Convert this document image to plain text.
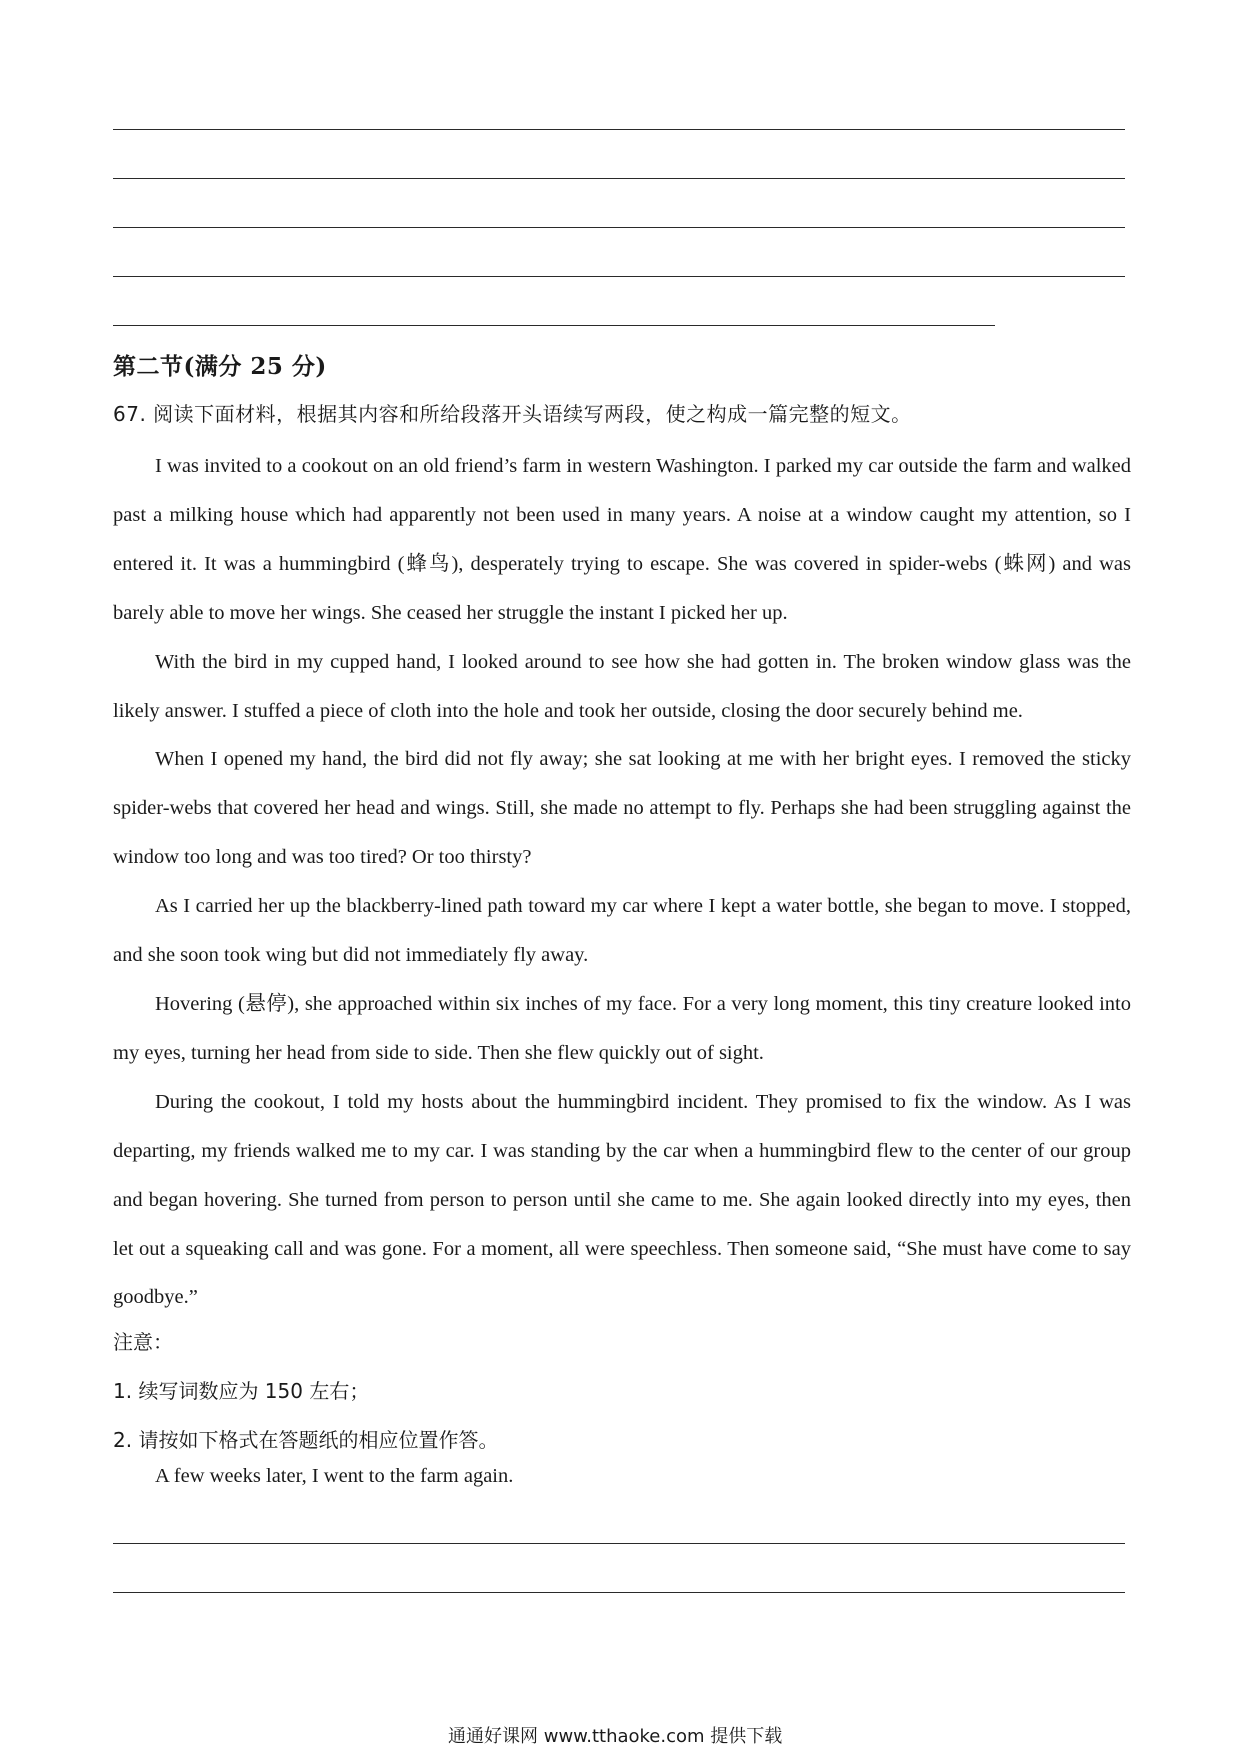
第二节(满分 25 分)
67. 阅读下面材料，根据其内容和所给段落开头语续写两段，使之构成一篇完整的短文。

I was invited to a cookout on an old friend’s farm in western Washington. I parked my car outside the farm and walked past a milking house which had apparently not been used in many years. A noise at a window caught my attention, so I entered it. It was a hummingbird (蜂鸟), desperately trying to escape. She was covered in spider-webs (蛛网) and was barely able to move her wings. She ceased her struggle the instant I picked her up.

With the bird in my cupped hand, I looked around to see how she had gotten in. The broken window glass was the likely answer. I stuffed a piece of cloth into the hole and took her outside, closing the door securely behind me.

When I opened my hand, the bird did not fly away; she sat looking at me with her bright eyes. I removed the sticky spider-webs that covered her head and wings. Still, she made no attempt to fly. Perhaps she had been struggling against the window too long and was too tired? Or too thirsty?

As I carried her up the blackberry-lined path toward my car where I kept a water bottle, she began to move. I stopped, and she soon took wing but did not immediately fly away.

Hovering (悬停), she approached within six inches of my face. For a very long moment, this tiny creature looked into my eyes, turning her head from side to side. Then she flew quickly out of sight.

During the cookout, I told my hosts about the hummingbird incident. They promised to fix the window. As I was departing, my friends walked me to my car. I was standing by the car when a hummingbird flew to the center of our group and began hovering. She turned from person to person until she came to me. She again looked directly into my eyes, then let out a squeaking call and was gone. For a moment, all were speechless. Then someone said, “She must have come to say goodbye.”

注意：
1. 续写词数应为 150 左右；
2. 请按如下格式在答题纸的相应位置作答。
A few weeks later, I went to the farm again.
通通好课网 www.tthaoke.com 提供下载
